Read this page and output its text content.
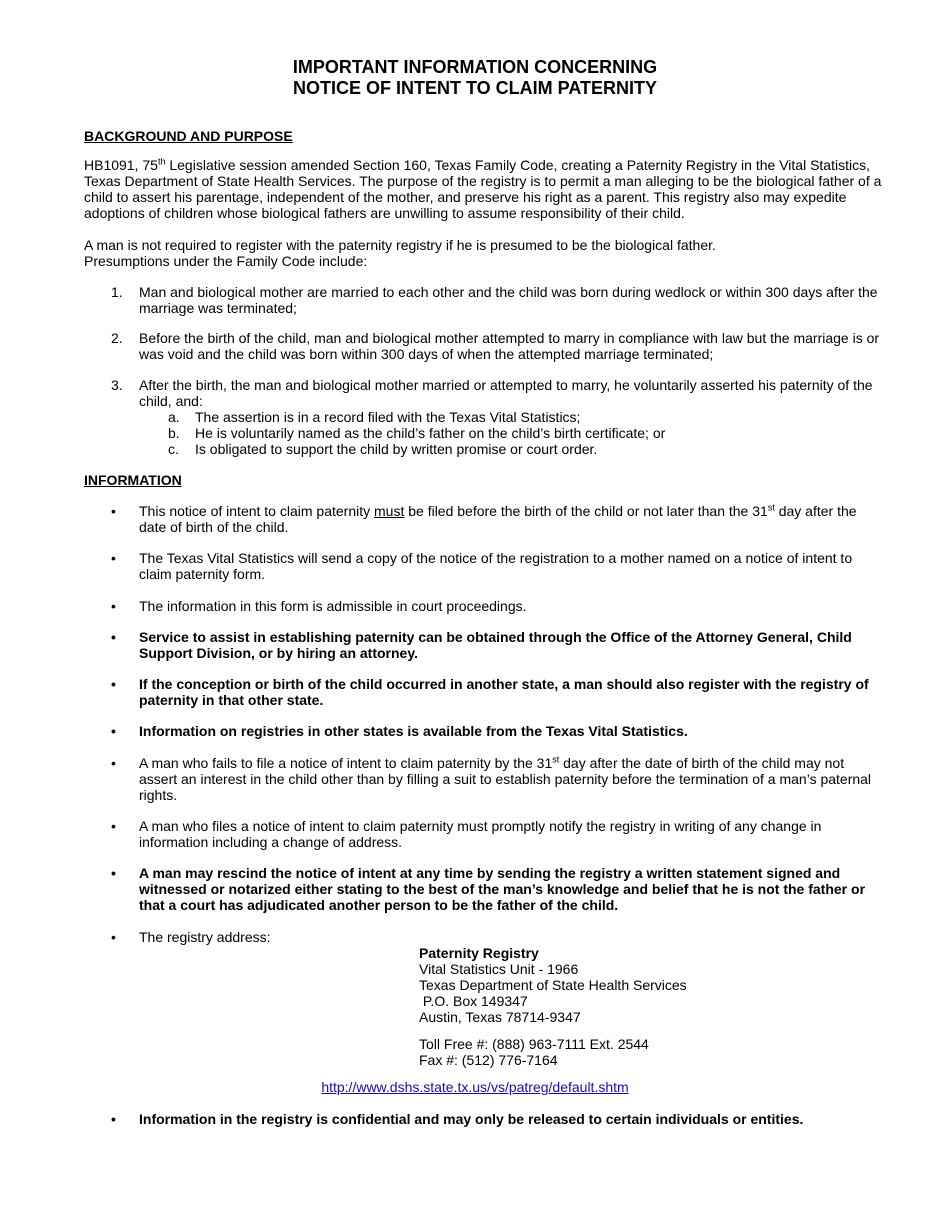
IMPORTANT INFORMATION CONCERNING
NOTICE OF INTENT TO CLAIM PATERNITY
BACKGROUND AND PURPOSE
HB1091, 75th Legislative session amended Section 160, Texas Family Code, creating a Paternity Registry in the Vital Statistics, Texas Department of State Health Services. The purpose of the registry is to permit a man alleging to be the biological father of a child to assert his parentage, independent of the mother, and preserve his right as a parent. This registry also may expedite adoptions of children whose biological fathers are unwilling to assume responsibility of their child.
A man is not required to register with the paternity registry if he is presumed to be the biological father.
Presumptions under the Family Code include:
1.	Man and biological mother are married to each other and the child was born during wedlock or within 300 days after the marriage was terminated;
2.	Before the birth of the child, man and biological mother attempted to marry in compliance with law but the marriage is or was void and the child was born within 300 days of when the attempted marriage terminated;
3.	After the birth, the man and biological mother married or attempted to marry, he voluntarily asserted his paternity of the child, and:
a. The assertion is in a record filed with the Texas Vital Statistics;
b. He is voluntarily named as the child’s father on the child’s birth certificate; or
c. Is obligated to support the child by written promise or court order.
INFORMATION
•	This notice of intent to claim paternity must be filed before the birth of the child or not later than the 31st day after the date of birth of the child.
•	The Texas Vital Statistics will send a copy of the notice of the registration to a mother named on a notice of intent to claim paternity form.
•	The information in this form is admissible in court proceedings.
•	Service to assist in establishing paternity can be obtained through the Office of the Attorney General, Child Support Division, or by hiring an attorney.
•	If the conception or birth of the child occurred in another state, a man should also register with the registry of paternity in that other state.
•	Information on registries in other states is available from the Texas Vital Statistics.
•	A man who fails to file a notice of intent to claim paternity by the 31st day after the date of birth of the child may not assert an interest in the child other than by filling a suit to establish paternity before the termination of a man’s paternal rights.
•	A man who files a notice of intent to claim paternity must promptly notify the registry in writing of any change in information including a change of address.
•	A man may rescind the notice of intent at any time by sending the registry a written statement signed and witnessed or notarized either stating to the best of the man’s knowledge and belief that he is not the father or that a court has adjudicated another person to be the father of the child.
•	The registry address:
Paternity Registry
Vital Statistics Unit - 1966
Texas Department of State Health Services
P.O. Box 149347
Austin, Texas 78714-9347
Toll Free #: (888) 963-7111 Ext. 2544
Fax #: (512) 776-7164
http://www.dshs.state.tx.us/vs/patreg/default.shtm
•	Information in the registry is confidential and may only be released to certain individuals or entities.
